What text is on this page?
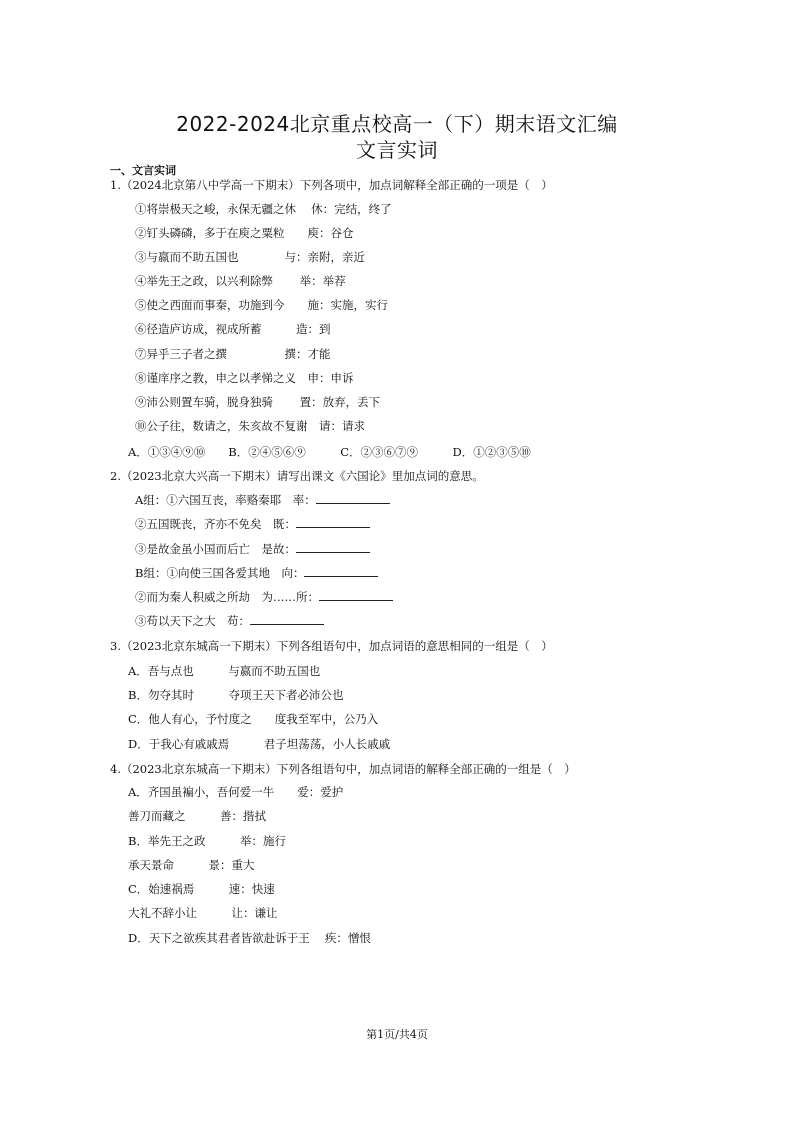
2022-2024北京重点校高一（下）期末语文汇编
文言实词
一、文言实词
1.（2024北京第八中学高一下期末）下列各项中，加点词解释全部正确的一项是（　）
①将崇极天之峻，永保无疆之休　 休：完结，终了
②钉头磷磷，多于在庾之粟粒　　庾：谷仓
③与嬴而不助五国也　　　　与：亲附，亲近
④举先王之政，以兴利除弊　　 举：举荐
⑤使之西面而事秦，功施到今　　施：实施，实行
⑥径造庐访成，视成所蓄　　　造：到
⑦异乎三子者之撰　　　　　撰：才能
⑧谨庠序之教，申之以孝悌之义　申：申诉
⑨沛公则置车骑，脱身独骑　　 置：放弃，丢下
⑩公子往，数请之，朱亥故不复谢　请：请求
A．①③④⑨⑩　　B．②④⑤⑥⑨　　　C．②③⑥⑦⑨　　　D．①②③⑤⑩
2.（2023北京大兴高一下期末）请写出课文《六国论》里加点词的意思。
A组：①六国互丧，率赂秦耶　率：
②五国既丧，齐亦不免矣　既：
③是故金虽小国而后亡　是故：
B组：①向使三国各爱其地　向：
②而为秦人积威之所劫　为……所：
③苟以天下之大　苟：
3.（2023北京东城高一下期末）下列各组语句中，加点词语的意思相同的一组是（　）
A．吾与点也　　　与嬴而不助五国也
B．勿夺其时　　　夺项王天下者必沛公也
C．他人有心，予忖度之　　度我至军中，公乃入
D．于我心有戚戚焉　　　君子坦荡荡，小人长戚戚
4.（2023北京东城高一下期末）下列各组语句中，加点词语的解释全部正确的一组是（　）
A．齐国虽褊小，吾何爱一牛　　爱：爱护
善刀而藏之　　　善：揩拭
B．举先王之政　　　举：施行
承天景命　　　景：重大
C．始速祸焉　　　速：快速
大礼不辞小让　　　让：谦让
D．天下之欲疾其君者皆欲赴诉于王　 疾：憎恨
第1页/共4页
